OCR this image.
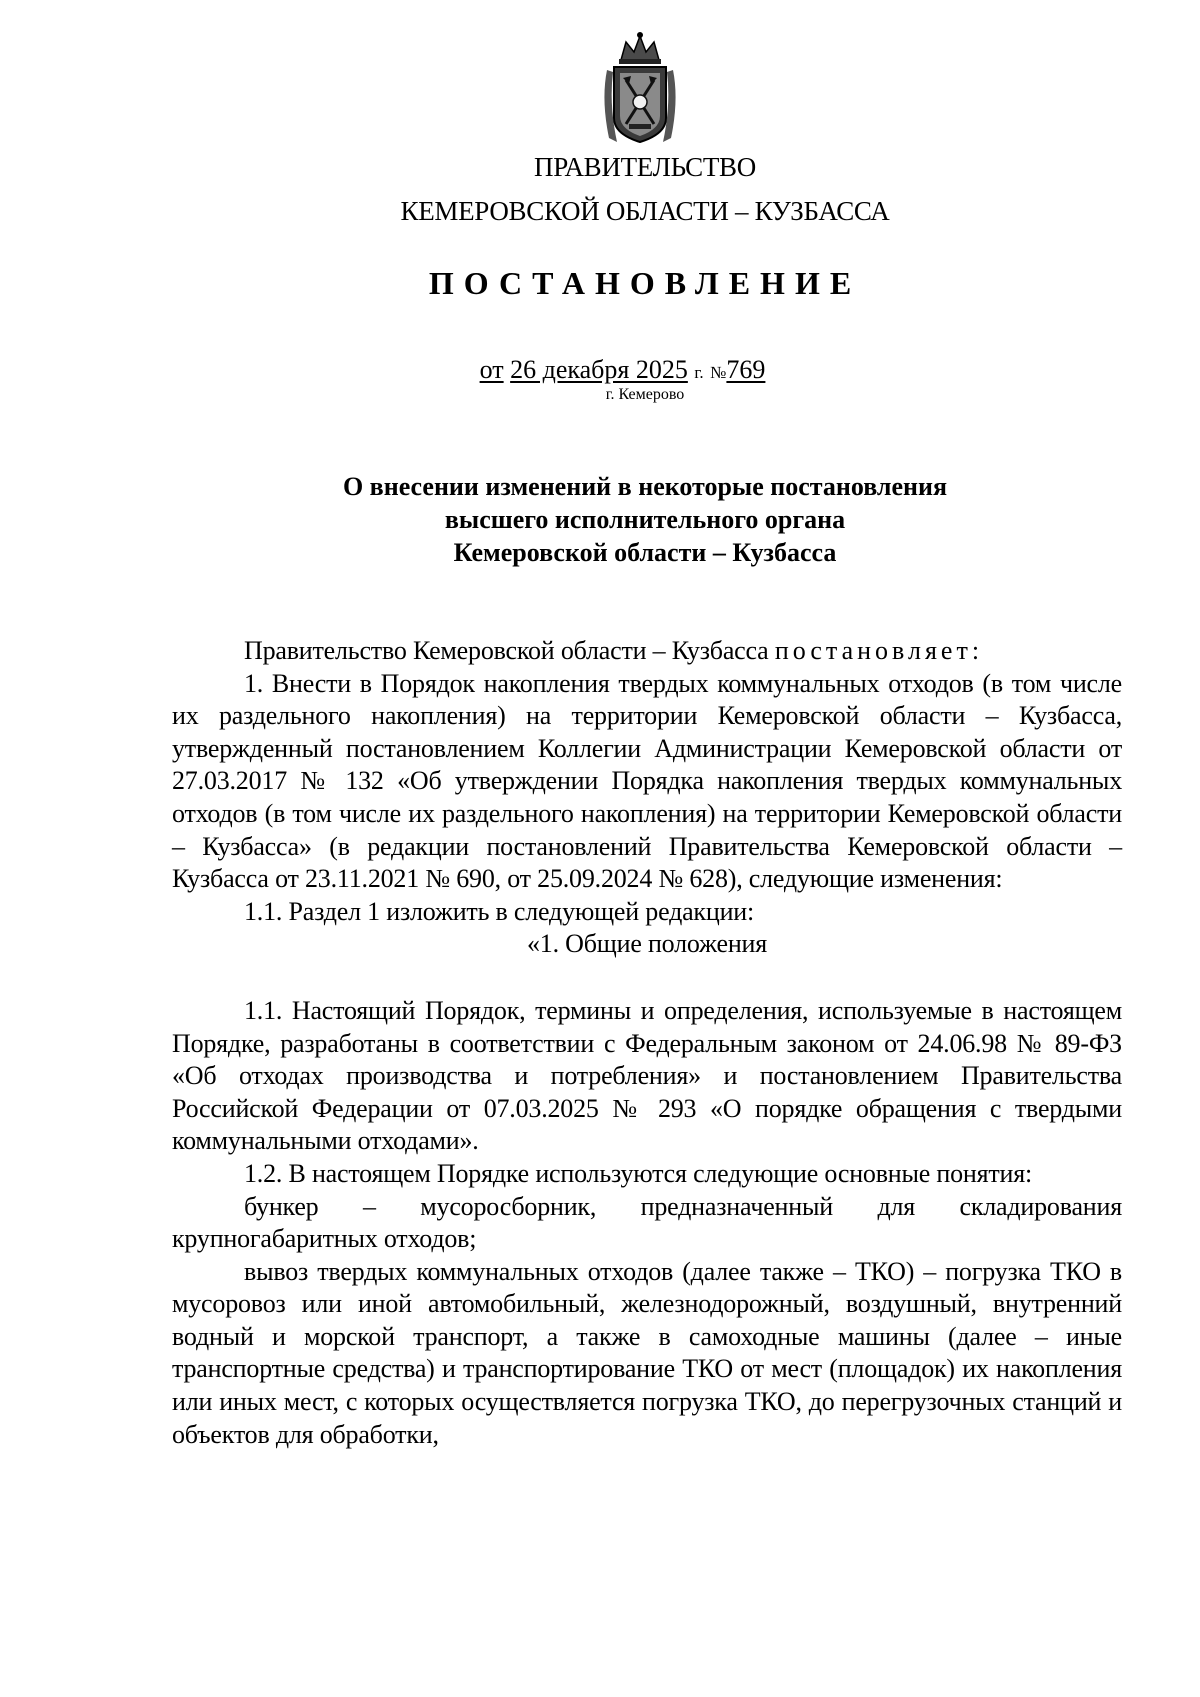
ПРАВИТЕЛЬСТВО
КЕМЕРОВСКОЙ ОБЛАСТИ – КУЗБАССА
ПОСТАНОВЛЕНИЕ
от 26 декабря 2025 г. №769
г. Кемерово
О внесении изменений в некоторые постановления
высшего исполнительного органа
Кемеровской области – Кузбасса

Правительство Кемеровской области – Кузбасса постановляет:

1. Внести в Порядок накопления твердых коммунальных отходов (в том числе их раздельного накопления) на территории Кемеровской области – Кузбасса, утвержденный постановлением Коллегии Администрации Кемеровской области от 27.03.2017 № 132 «Об утверждении Порядка накопления твердых коммунальных отходов (в том числе их раздельного накопления) на территории Кемеровской области – Кузбасса» (в редакции постановлений Правительства Кемеровской области – Кузбасса от 23.11.2021 № 690, от 25.09.2024 № 628), следующие изменения:

1.1. Раздел 1 изложить в следующей редакции:

«1. Общие положения

1.1. Настоящий Порядок, термины и определения, используемые в настоящем Порядке, разработаны в соответствии с Федеральным законом от 24.06.98 № 89-ФЗ «Об отходах производства и потребления» и постановлением Правительства Российской Федерации от 07.03.2025 № 293 «О порядке обращения с твердыми коммунальными отходами».

1.2. В настоящем Порядке используются следующие основные понятия:

бункер – мусоросборник, предназначенный для складирования крупногабаритных отходов;

вывоз твердых коммунальных отходов (далее также – ТКО) – погрузка ТКО в мусоровоз или иной автомобильный, железнодорожный, воздушный, внутренний водный и морской транспорт, а также в самоходные машины (далее – иные транспортные средства) и транспортирование ТКО от мест (площадок) их накопления или иных мест, с которых осуществляется погрузка ТКО, до перегрузочных станций и объектов для обработки,
